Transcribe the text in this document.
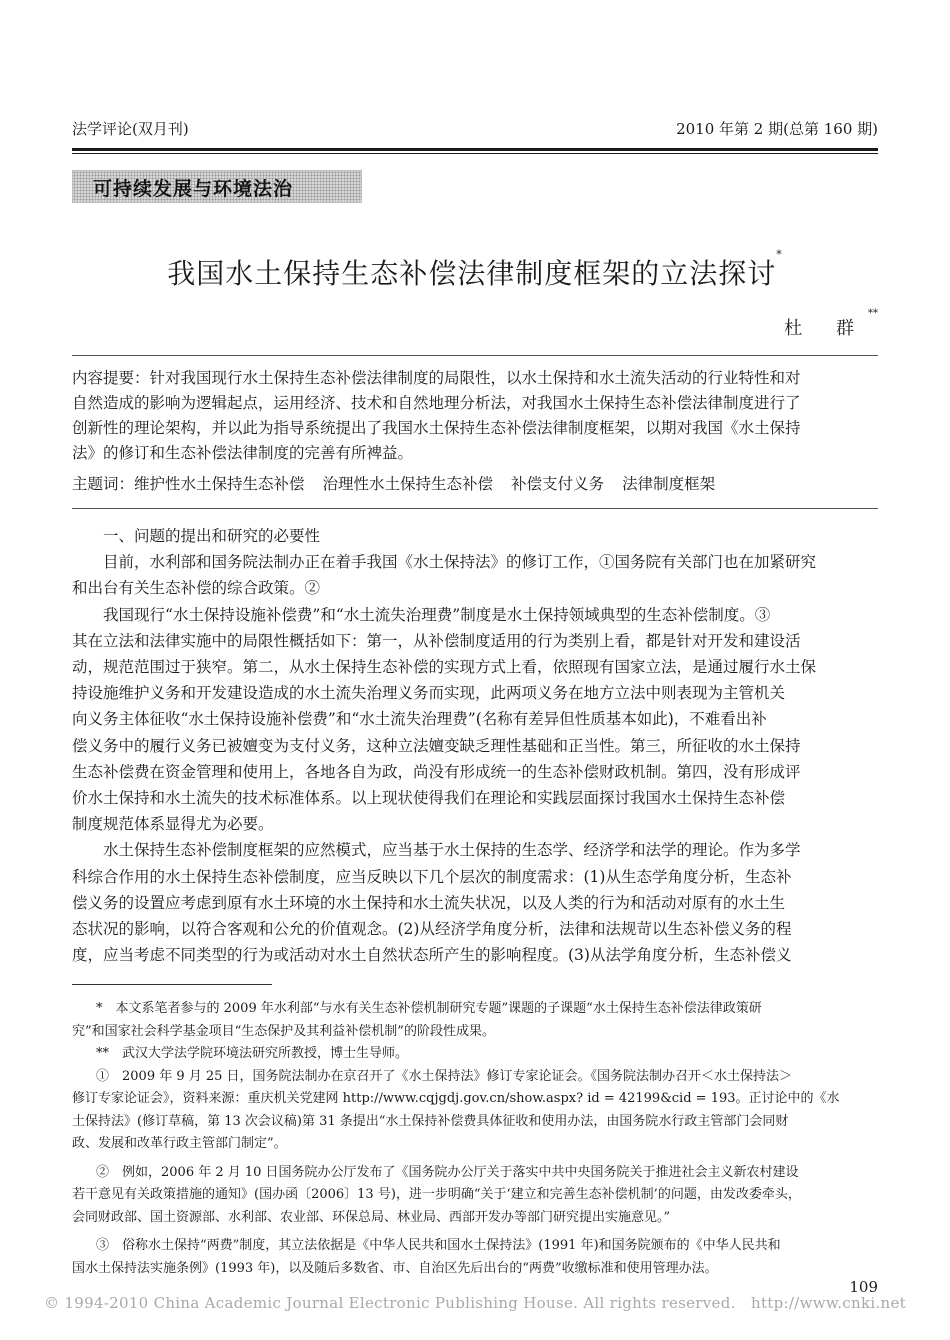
法学评论(双月刊)	2010 年第 2 期(总第 160 期)
可持续发展与环境法治
我国水土保持生态补偿法律制度框架的立法探讨*
杜 群**
内容提要：针对我国现行水土保持生态补偿法律制度的局限性，以水土保持和水土流失活动的行业特性和对
自然造成的影响为逻辑起点，运用经济、技术和自然地理分析法，对我国水土保持生态补偿法律制度进行了
创新性的理论架构，并以此为指导系统提出了我国水土保持生态补偿法律制度框架，以期对我国《水土保持
法》的修订和生态补偿法律制度的完善有所裨益。
主题词：维护性水土保持生态补偿 治理性水土保持生态补偿 补偿支付义务 法律制度框架
一、问题的提出和研究的必要性
目前，水利部和国务院法制办正在着手我国《水土保持法》的修订工作，①国务院有关部门也在加紧研究
和出台有关生态补偿的综合政策。②
我国现行“水土保持设施补偿费”和“水土流失治理费”制度是水土保持领域典型的生态补偿制度。③
其在立法和法律实施中的局限性概括如下：第一，从补偿制度适用的行为类别上看，都是针对开发和建设活
动，规范范围过于狭窄。第二，从水土保持生态补偿的实现方式上看，依照现有国家立法，是通过履行水土保
持设施维护义务和开发建设造成的水土流失治理义务而实现，此两项义务在地方立法中则表现为主管机关
向义务主体征收“水土保持设施补偿费”和“水土流失治理费”(名称有差异但性质基本如此)，不难看出补
偿义务中的履行义务已被嬗变为支付义务，这种立法嬗变缺乏理性基础和正当性。第三，所征收的水土保持
生态补偿费在资金管理和使用上，各地各自为政，尚没有形成统一的生态补偿财政机制。第四，没有形成评
价水土保持和水土流失的技术标准体系。以上现状使得我们在理论和实践层面探讨我国水土保持生态补偿
制度规范体系显得尤为必要。
水土保持生态补偿制度框架的应然模式，应当基于水土保持的生态学、经济学和法学的理论。作为多学
科综合作用的水土保持生态补偿制度，应当反映以下几个层次的制度需求：(1)从生态学角度分析，生态补
偿义务的设置应考虑到原有水土环境的水土保持和水土流失状况，以及人类的行为和活动对原有的水土生
态状况的影响，以符合客观和公允的价值观念。(2)从经济学角度分析，法律和法规苛以生态补偿义务的程
度，应当考虑不同类型的行为或活动对水土自然状态所产生的影响程度。(3)从法学角度分析，生态补偿义
*　本文系笔者参与的 2009 年水利部“与水有关生态补偿机制研究专题”课题的子课题“水土保持生态补偿法律政策研
究”和国家社会科学基金项目“生态保护及其利益补偿机制”的阶段性成果。
**　武汉大学法学院环境法研究所教授，博士生导师。
①　2009 年 9 月 25 日，国务院法制办在京召开了《水土保持法》修订专家论证会。《国务院法制办召开＜水土保持法＞
修订专家论证会》，资料来源：重庆机关党建网 http://www.cqjgdj.gov.cn/show.aspx? id = 42199&cid = 193。正讨论中的《水
土保持法》(修订草稿，第 13 次会议稿)第 31 条提出“水土保持补偿费具体征收和使用办法，由国务院水行政主管部门会同财
政、发展和改革行政主管部门制定”。
②　例如，2006 年 2 月 10 日国务院办公厅发布了《国务院办公厅关于落实中共中央国务院关于推进社会主义新农村建设
若干意见有关政策措施的通知》(国办函〔2006〕13 号)，进一步明确“关于‘建立和完善生态补偿机制’的问题，由发改委牵头，
会同财政部、国土资源部、水利部、农业部、环保总局、林业局、西部开发办等部门研究提出实施意见。”
③　俗称水土保持“两费”制度，其立法依据是《中华人民共和国水土保持法》(1991 年)和国务院颁布的《中华人民共和
国水土保持法实施条例》(1993 年)，以及随后多数省、市、自治区先后出台的“两费”收缴标准和使用管理办法。
109
© 1994-2010 China Academic Journal Electronic Publishing House. All rights reserved.　http://www.cnki.net
